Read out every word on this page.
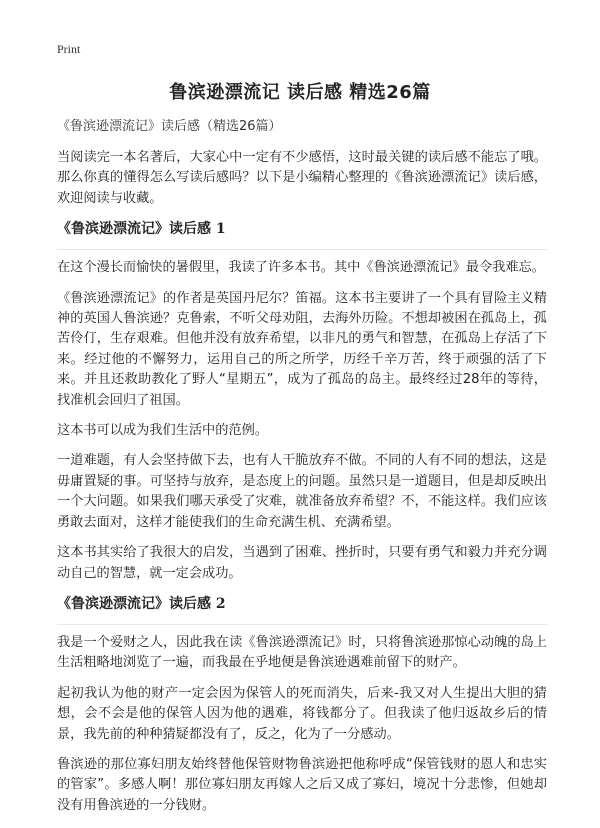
Print
鲁滨逊漂流记 读后感 精选26篇
《鲁滨逊漂流记》读后感（精选26篇）

当阅读完一本名著后，大家心中一定有不少感悟，这时最关键的读后感不能忘了哦。那么你真的懂得怎么写读后感吗？以下是小编精心整理的《鲁滨逊漂流记》读后感，欢迎阅读与收藏。

《鲁滨逊漂流记》读后感 1

在这个漫长而愉快的暑假里，我读了许多本书。其中《鲁滨逊漂流记》最令我难忘。

《鲁滨逊漂流记》的作者是英国丹尼尔？笛福。这本书主要讲了一个具有冒险主义精神的英国人鲁滨逊？克鲁索，不听父母劝阻，去海外历险。不想却被困在孤岛上，孤苦伶仃，生存艰难。但他并没有放弃希望，以非凡的勇气和智慧，在孤岛上存活了下来。经过他的不懈努力，运用自己的所之所学，历经千辛万苦，终于顽强的活了下来。并且还救助教化了野人“星期五”，成为了孤岛的岛主。最终经过28年的等待，找准机会回归了祖国。

这本书可以成为我们生活中的范例。

一道难题，有人会坚持做下去，也有人干脆放弃不做。不同的人有不同的想法，这是毋庸置疑的事。可坚持与放弃，是态度上的问题。虽然只是一道题目，但是却反映出一个大问题。如果我们哪天承受了灾难，就准备放弃希望？不，不能这样。我们应该勇敢去面对，这样才能使我们的生命充满生机、充满希望。

这本书其实给了我很大的启发，当遇到了困难、挫折时，只要有勇气和毅力并充分调动自己的智慧，就一定会成功。

《鲁滨逊漂流记》读后感 2

我是一个爱财之人，因此我在读《鲁滨逊漂流记》时，只将鲁滨逊那惊心动魄的岛上生活粗略地浏览了一遍，而我最在乎地便是鲁滨逊遇难前留下的财产。

起初我认为他的财产一定会因为保管人的死而消失，后来-我又对人生提出大胆的猜想，会不会是他的保管人因为他的遇难，将钱都分了。但我读了他归返故乡后的情景，我先前的种种猜疑都没有了，反之，化为了一分感动。

鲁滨逊的那位寡妇朋友始终替他保管财物鲁滨逊把他称呼成“保管钱财的恩人和忠实的管家”。多感人啊！那位寡妇朋友再嫁人之后又成了寡妇，境况十分悲惨，但她却没有用鲁滨逊的一分钱财。
